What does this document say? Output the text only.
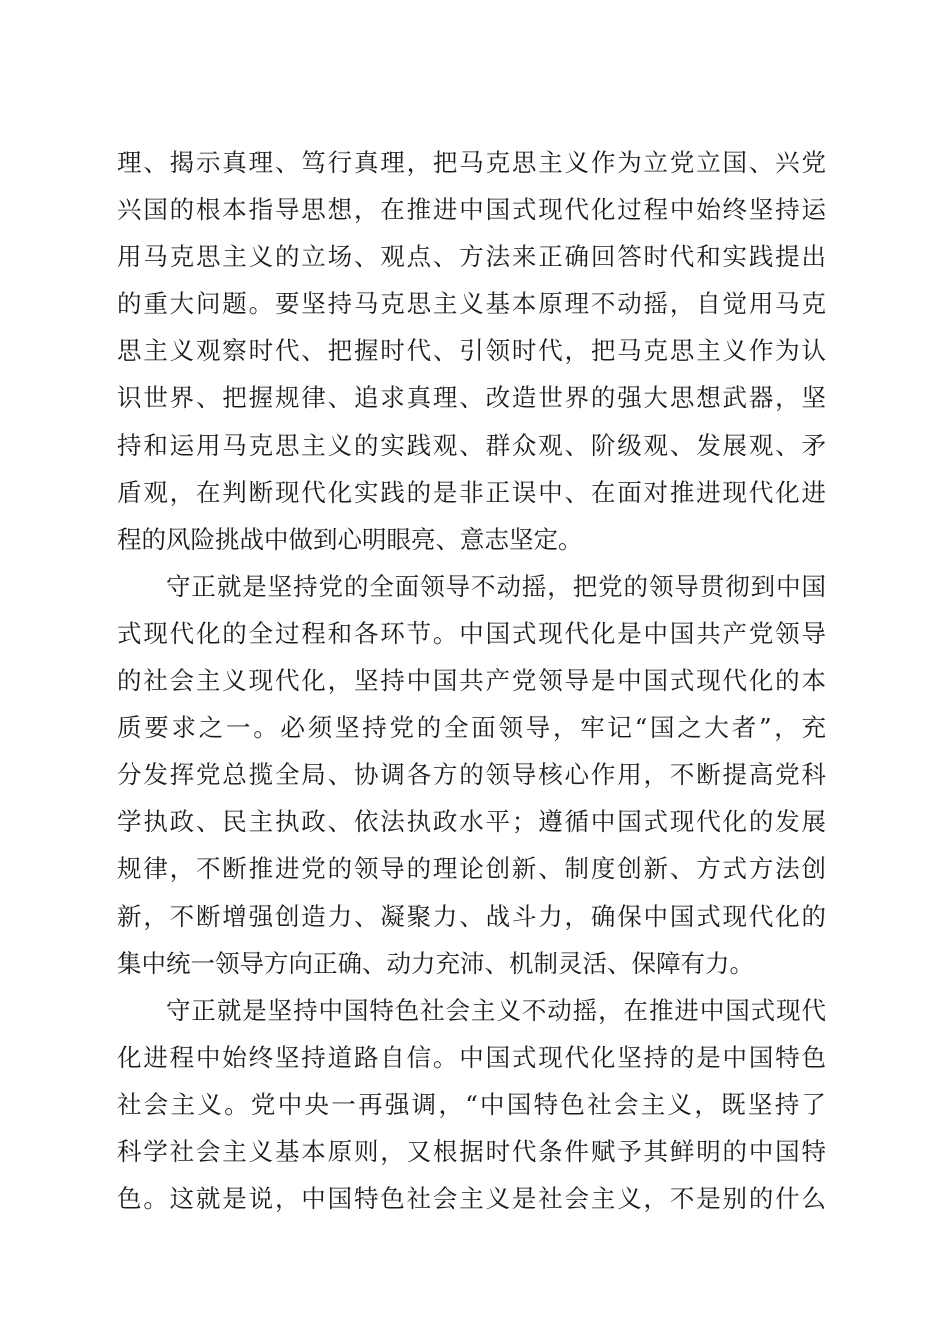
理、揭示真理、笃行真理，把马克思主义作为立党立国、兴党
兴国的根本指导思想，在推进中国式现代化过程中始终坚持运
用马克思主义的立场、观点、方法来正确回答时代和实践提出
的重大问题。要坚持马克思主义基本原理不动摇，自觉用马克
思主义观察时代、把握时代、引领时代，把马克思主义作为认
识世界、把握规律、追求真理、改造世界的强大思想武器，坚
持和运用马克思主义的实践观、群众观、阶级观、发展观、矛
盾观，在判断现代化实践的是非正误中、在面对推进现代化进
程的风险挑战中做到心明眼亮、意志坚定。
守正就是坚持党的全面领导不动摇，把党的领导贯彻到中国
式现代化的全过程和各环节。中国式现代化是中国共产党领导
的社会主义现代化，坚持中国共产党领导是中国式现代化的本
质要求之一。必须坚持党的全面领导，牢记“国之大者”，充
分发挥党总揽全局、协调各方的领导核心作用，不断提高党科
学执政、民主执政、依法执政水平；遵循中国式现代化的发展
规律，不断推进党的领导的理论创新、制度创新、方式方法创
新，不断增强创造力、凝聚力、战斗力，确保中国式现代化的
集中统一领导方向正确、动力充沛、机制灵活、保障有力。
守正就是坚持中国特色社会主义不动摇，在推进中国式现代
化进程中始终坚持道路自信。中国式现代化坚持的是中国特色
社会主义。党中央一再强调，“中国特色社会主义，既坚持了
科学社会主义基本原则，又根据时代条件赋予其鲜明的中国特
色。这就是说，中国特色社会主义是社会主义，不是别的什么
